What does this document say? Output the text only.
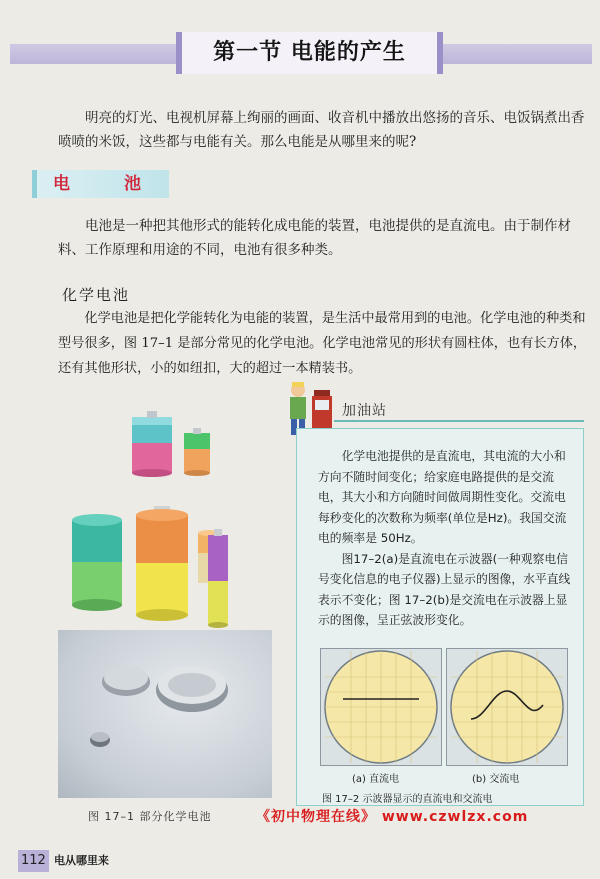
第一节 电能的产生
明亮的灯光、电视机屏幕上绚丽的画面、收音机中播放出悠扬的音乐、电饭锅煮出香喷喷的米饭，这些都与电能有关。那么电能是从哪里来的呢?
电 池
电池是一种把其他形式的能转化成电能的装置，电池提供的是直流电。由于制作材料、工作原理和用途的不同，电池有很多种类。
化学电池
化学电池是把化学能转化为电能的装置，是生活中最常用到的电池。化学电池的种类和型号很多，图 17–1 是部分常见的化学电池。化学电池常见的形状有圆柱体，也有长方体，还有其他形状，小的如纽扣，大的超过一本精装书。
图 17–1 部分化学电池
加油站

化学电池提供的是直流电，其电流的大小和方向不随时间变化；给家庭电路提供的是交流电，其大小和方向随时间做周期性变化。交流电每秒变化的次数称为频率(单位是Hz)。我国交流电的频率是 50Hz。

图17–2(a)是直流电在示波器(一种观察电信号变化信息的电子仪器)上显示的图像，水平直线表示不变化；图 17–2(b)是交流电在示波器上显示的图像，呈正弦波形变化。

(a) 直流电	(b) 交流电
图 17–2 示波器显示的直流电和交流电
《初中物理在线》 www.czwlzx.com
112 电从哪里来
